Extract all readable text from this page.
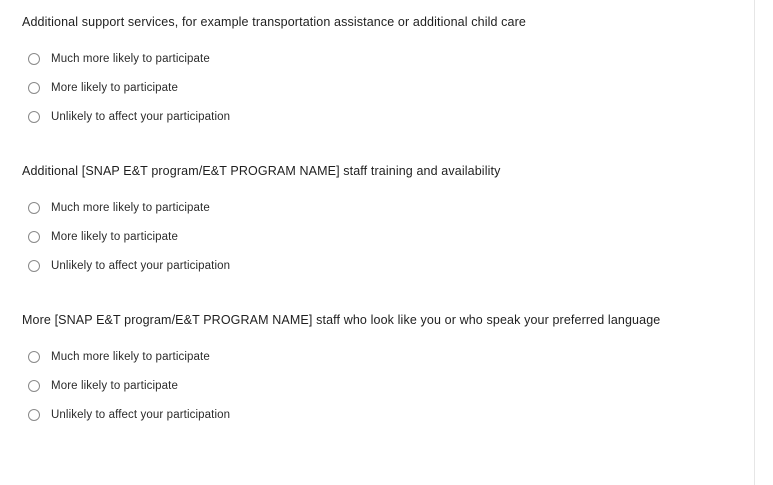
Additional support services, for example transportation assistance or additional child care
Much more likely to participate
More likely to participate
Unlikely to affect your participation
Additional [SNAP E&T program/E&T PROGRAM NAME] staff training and availability
Much more likely to participate
More likely to participate
Unlikely to affect your participation
More [SNAP E&T program/E&T PROGRAM NAME] staff who look like you or who speak your preferred language
Much more likely to participate
More likely to participate
Unlikely to affect your participation
